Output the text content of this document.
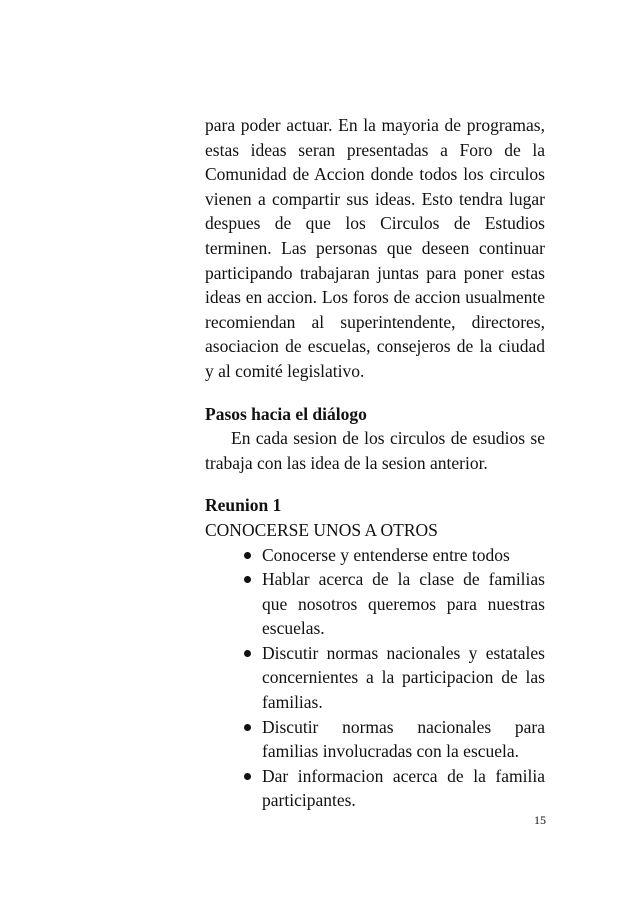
para poder actuar. En la mayoria de programas, estas ideas seran presentadas a Foro de la Comunidad de Accion donde todos los circulos vienen a compartir sus ideas. Esto tendra lugar despues de que los Circulos de Estudios terminen. Las personas que deseen continuar participando trabajaran juntas para poner estas ideas en accion. Los foros de accion usualmente recomiendan al superintendente, directores, asociacion de escuelas, consejeros de la ciudad y al comité legislativo.

Pasos hacia el diálogo

En cada sesion de los circulos de esudios se trabaja con las idea de la sesion anterior.

Reunion 1

CONOCERSE UNOS A OTROS

Conocerse y entenderse entre todos
Hablar acerca de la clase de familias que nosotros queremos para nuestras escuelas.
Discutir normas nacionales y estatales concernientes a la participacion de las familias.
Discutir normas nacionales para familias involucradas con la escuela.
Dar informacion acerca de la familia participantes.
15
